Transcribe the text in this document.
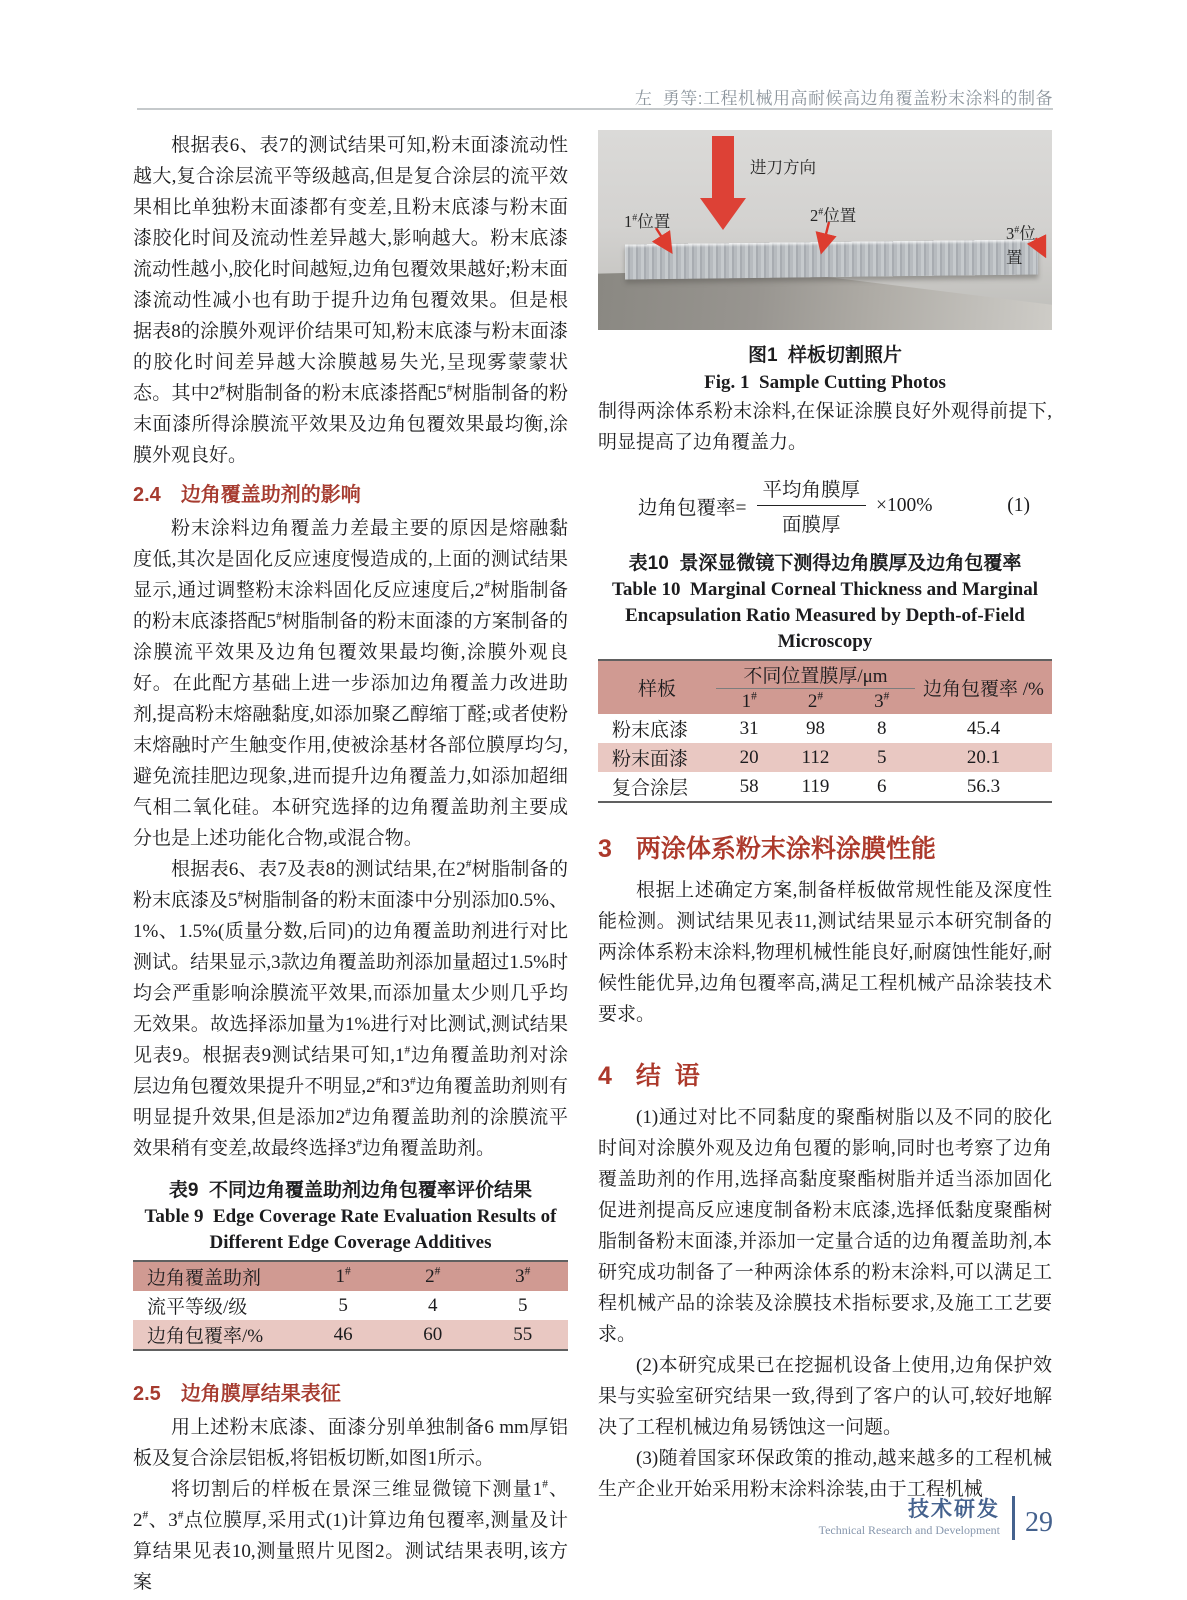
左  勇等:工程机械用高耐候高边角覆盖粉末涂料的制备

根据表6、表7的测试结果可知,粉末面漆流动性越大,复合涂层流平等级越高,但是复合涂层的流平效果相比单独粉末面漆都有变差,且粉末底漆与粉末面漆胶化时间及流动性差异越大,影响越大。粉末底漆流动性越小,胶化时间越短,边角包覆效果越好;粉末面漆流动性减小也有助于提升边角包覆效果。但是根据表8的涂膜外观评价结果可知,粉末底漆与粉末面漆的胶化时间差异越大涂膜越易失光,呈现雾蒙蒙状态。其中2#树脂制备的粉末底漆搭配5#树脂制备的粉末面漆所得涂膜流平效果及边角包覆效果最均衡,涂膜外观良好。

2.4 边角覆盖助剂的影响

粉末涂料边角覆盖力差最主要的原因是熔融黏度低,其次是固化反应速度慢造成的,上面的测试结果显示,通过调整粉末涂料固化反应速度后,2#树脂制备的粉末底漆搭配5#树脂制备的粉末面漆的方案制备的涂膜流平效果及边角包覆效果最均衡,涂膜外观良好。在此配方基础上进一步添加边角覆盖力改进助剂,提高粉末熔融黏度,如添加聚乙醇缩丁醛;或者使粉末熔融时产生触变作用,使被涂基材各部位膜厚均匀,避免流挂肥边现象,进而提升边角覆盖力,如添加超细气相二氧化硅。本研究选择的边角覆盖助剂主要成分也是上述功能化合物,或混合物。

根据表6、表7及表8的测试结果,在2#树脂制备的粉末底漆及5#树脂制备的粉末面漆中分别添加0.5%、1%、1.5%(质量分数,后同)的边角覆盖助剂进行对比测试。结果显示,3款边角覆盖助剂添加量超过1.5%时均会严重影响涂膜流平效果,而添加量太少则几乎均无效果。故选择添加量为1%进行对比测试,测试结果见表9。根据表9测试结果可知,1#边角覆盖助剂对涂层边角包覆效果提升不明显,2#和3#边角覆盖助剂则有明显提升效果,但是添加2#边角覆盖助剂的涂膜流平效果稍有变差,故最终选择3#边角覆盖助剂。

表9  不同边角覆盖助剂边角包覆率评价结果
Table 9  Edge Coverage Rate Evaluation Results of
Different Edge Coverage Additives
边角覆盖助剂	1#	2#	3#
流平等级/级	5	4	5
边角包覆率/%	46	60	55
2.5 边角膜厚结果表征

用上述粉末底漆、面漆分别单独制备6 mm厚铝板及复合涂层铝板,将铝板切断,如图1所示。

将切割后的样板在景深三维显微镜下测量1#、2#、3#点位膜厚,采用式(1)计算边角包覆率,测量及计算结果见表10,测量照片见图2。测试结果表明,该方案

进刀方向
1#位置	2#位置
3#位置
图1  样板切割照片
Fig. 1  Sample Cutting Photos

制得两涂体系粉末涂料,在保证涂膜良好外观得前提下,明显提高了边角覆盖力。

边角包覆率= $\frac{\text{平均角膜厚}}{\text{面膜厚}} \times 100\%$	(1)
表10  景深显微镜下测得边角膜厚及边角包覆率
Table 10  Marginal Corneal Thickness and Marginal
Encapsulation Ratio Measured by Depth-of-Field
Microscopy
样板	不同位置膜厚/μm			边角包覆率 /%
	1#	2#	3#
粉末底漆	31	98	8	45.4
粉末面漆	20	112	5	20.1
复合涂层	58	119	6	56.3
3 两涂体系粉末涂料涂膜性能

根据上述确定方案,制备样板做常规性能及深度性能检测。测试结果见表11,测试结果显示本研究制备的两涂体系粉末涂料,物理机械性能良好,耐腐蚀性能好,耐候性能优异,边角包覆率高,满足工程机械产品涂装技术要求。

4 结  语

(1)通过对比不同黏度的聚酯树脂以及不同的胶化时间对涂膜外观及边角包覆的影响,同时也考察了边角覆盖助剂的作用,选择高黏度聚酯树脂并适当添加固化促进剂提高反应速度制备粉末底漆,选择低黏度聚酯树脂制备粉末面漆,并添加一定量合适的边角覆盖助剂,本研究成功制备了一种两涂体系的粉末涂料,可以满足工程机械产品的涂装及涂膜技术指标要求,及施工工艺要求。

(2)本研究成果已在挖掘机设备上使用,边角保护效果与实验室研究结果一致,得到了客户的认可,较好地解决了工程机械边角易锈蚀这一问题。

(3)随着国家环保政策的推动,越来越多的工程机械生产企业开始采用粉末涂料涂装,由于工程机械

技术研发
Technical Research and Development 29
